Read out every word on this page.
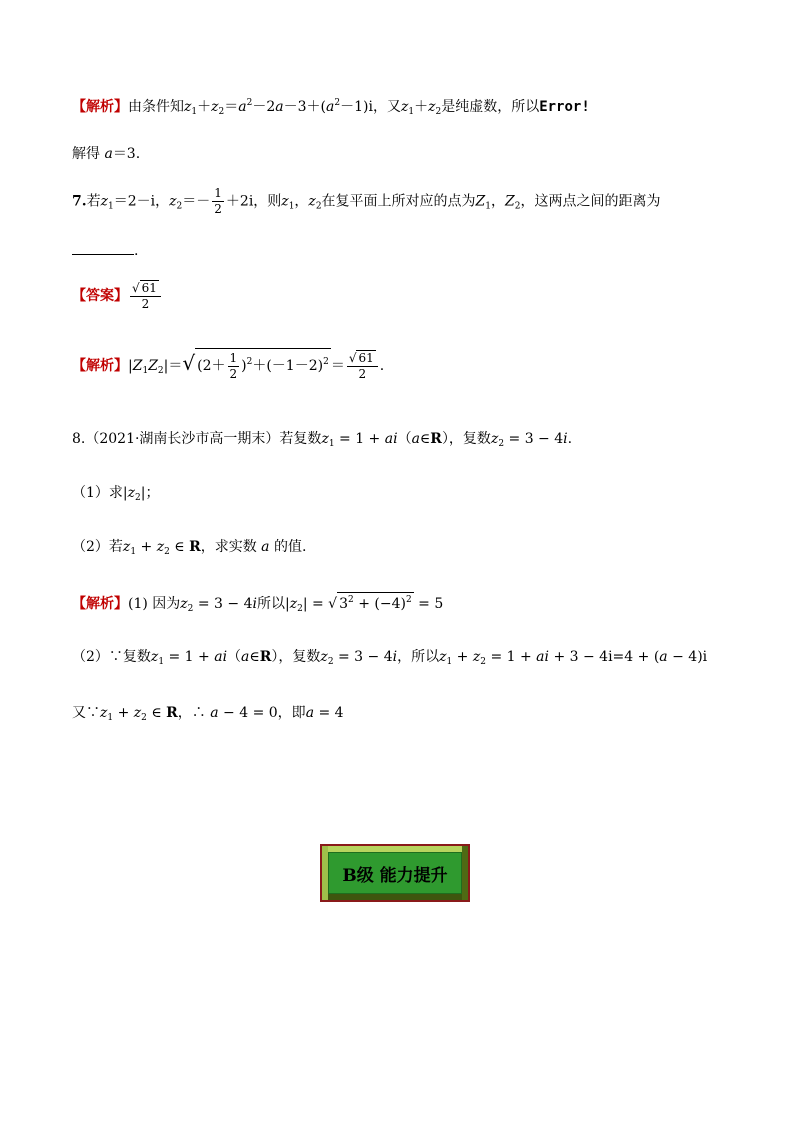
【解析】由条件知$z_1+z_2=a^2-2a-3+(a^2-1)i$，又$z_1+z_2$是纯虚数，所以Error!
解得 a＝3.
7.若$z_1=2-i$，$z_2=- \frac{1}{2} +2i$，则$z_1$，$z_2$在复平面上所对应的点为$Z_1$，$Z_2$，这两点之间的距离为
.
【答案】 $\frac{√ 61}{2}$
【解析】$|Z_1Z_2|=√$ $(2+ \frac{1}{2} )^2+(-1-2)^2 = \frac{√ 61}{2}$ .
8.（2021·湖南长沙市高一期末）若复数$z_1 = 1$ + ai（a∈R），复数$z_2 = 3 - 4i$.
（1）求$|z_2|$；
（2）若$z_1 + z_2$ ∈ R，求实数 a 的值.
【解析】(1) 因为$z_2 = 3 - 4i$所以$|z_2|$ = √ $3^2 + (-4)^2 = 5$
（2）∵复数$z_1 = 1$ + ai（a∈R），复数$z_2 = 3 - 4i$，所以$z_1 + z_2 = 1$ + ai + 3 − 4i=4 + (a − 4)i
又$\because z_1 + z_2$ ∈ R，∴ a − 4 = 0，即a = 4
B级 能力提升
